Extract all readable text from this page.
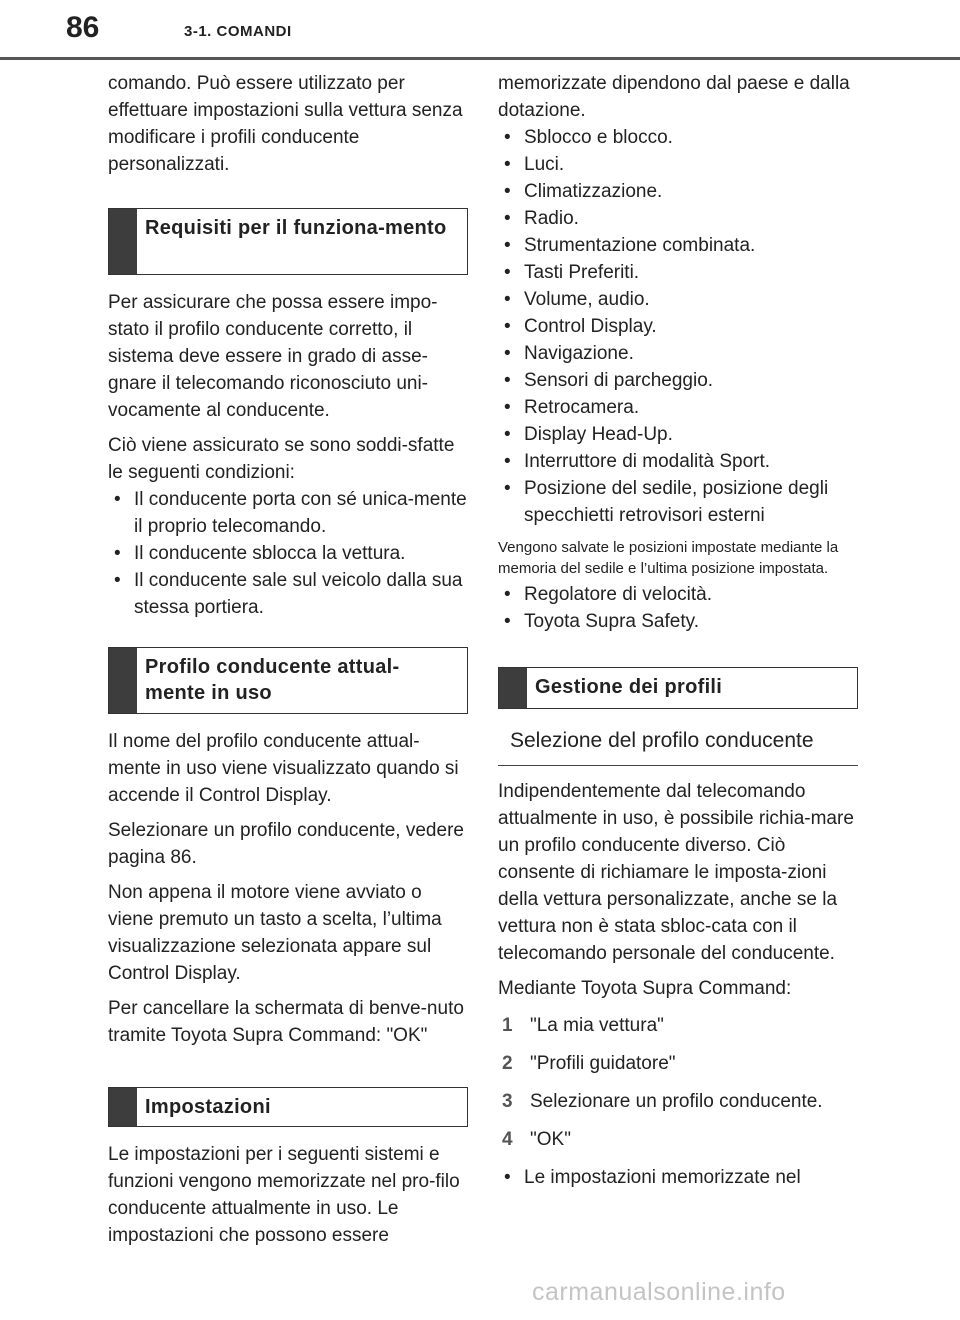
86	3-1. COMANDI

comando. Può essere utilizzato per effettuare impostazioni sulla vettura senza modificare i profili conducente personalizzati.

Requisiti per il funziona-mento

Per assicurare che possa essere impo-stato il profilo conducente corretto, il sistema deve essere in grado di asse-gnare il telecomando riconosciuto uni-vocamente al conducente.

Ciò viene assicurato se sono soddi-sfatte le seguenti condizioni:

• Il conducente porta con sé unica-mente il proprio telecomando.
• Il conducente sblocca la vettura.
• Il conducente sale sul veicolo dalla sua stessa portiera.
Profilo conducente attual-mente in uso

Il nome del profilo conducente attual-mente in uso viene visualizzato quando si accende il Control Display.

Selezionare un profilo conducente, vedere pagina 86.

Non appena il motore viene avviato o viene premuto un tasto a scelta, l’ultima visualizzazione selezionata appare sul Control Display.

Per cancellare la schermata di benve-nuto tramite Toyota Supra Command: "OK"

Impostazioni

Le impostazioni per i seguenti sistemi e funzioni vengono memorizzate nel pro-filo conducente attualmente in uso. Le impostazioni che possono essere

memorizzate dipendono dal paese e dalla dotazione.

• Sblocco e blocco.
• Luci.
• Climatizzazione.
• Radio.
• Strumentazione combinata.
• Tasti Preferiti.
• Volume, audio.
• Control Display.
• Navigazione.
• Sensori di parcheggio.
• Retrocamera.
• Display Head-Up.
• Interruttore di modalità Sport.
• Posizione del sedile, posizione degli specchietti retrovisori esterni

Vengono salvate le posizioni impostate mediante la memoria del sedile e l’ultima posizione impostata.

• Regolatore di velocità.
• Toyota Supra Safety.
Gestione dei profili
Selezione del profilo conducente

Indipendentemente dal telecomando attualmente in uso, è possibile richia-mare un profilo conducente diverso. Ciò consente di richiamare le imposta-zioni della vettura personalizzate, anche se la vettura non è stata sbloc-cata con il telecomando personale del conducente.

Mediante Toyota Supra Command:

1 "La mia vettura"
2 "Profili guidatore"
3 Selezionare un profilo conducente.
4 "OK"
• Le impostazioni memorizzate nel
carmanualsonline.info
